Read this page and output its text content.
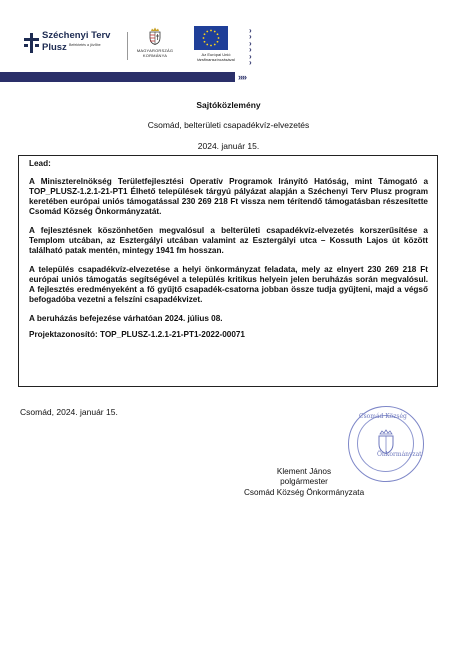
Széchenyi Terv
Plusz Befektetés a jövőbe
MAGYARORSZÁG KORMÁNYA	Az Európai Unió társfinanszírozásával
›
›
›
›
›
›
»»
Sajtóközlemény
Csomád, belterületi csapadékvíz-elvezetés
2024. január 15.

Lead:

A Miniszterelnökség Területfejlesztési Operatív Programok Irányító Hatóság, mint Támogató a TOP_PLUSZ-1.2.1-21-PT1 Élhető települések tárgyú pályázat alapján a Széchenyi Terv Plusz program keretében európai uniós támogatással 230 269 218 Ft vissza nem térítendő támogatásban részesítette Csomád Község Önkormányzatát.

A fejlesztésnek köszönhetően megvalósul a belterületi csapadékvíz-elvezetés korszerűsítése a Templom utcában, az Esztergályi utcában valamint az Esztergályi utca – Kossuth Lajos út között található patak mentén, mintegy 1941 fm hosszan.

A település csapadékvíz-elvezetése a helyi önkormányzat feladata, mely az elnyert 230 269 218 Ft európai uniós támogatás segítségével a település kritikus helyein jelen beruházás során megvalósul. A fejlesztés eredményeként a fő gyűjtő csapadék-csatorna jobban össze tudja gyűjteni, majd a végső befogadóba vezetni a felszíni csapadékvizet.

A beruházás befejezése várhatóan 2024. július 08.

Projektazonosító: TOP_PLUSZ-1.2.1-21-PT1-2022-00071

Csomád, 2024. január 15.	Csomád Község
Önkormányzat
Klement János
polgármester
Csomád Község Önkormányzata
